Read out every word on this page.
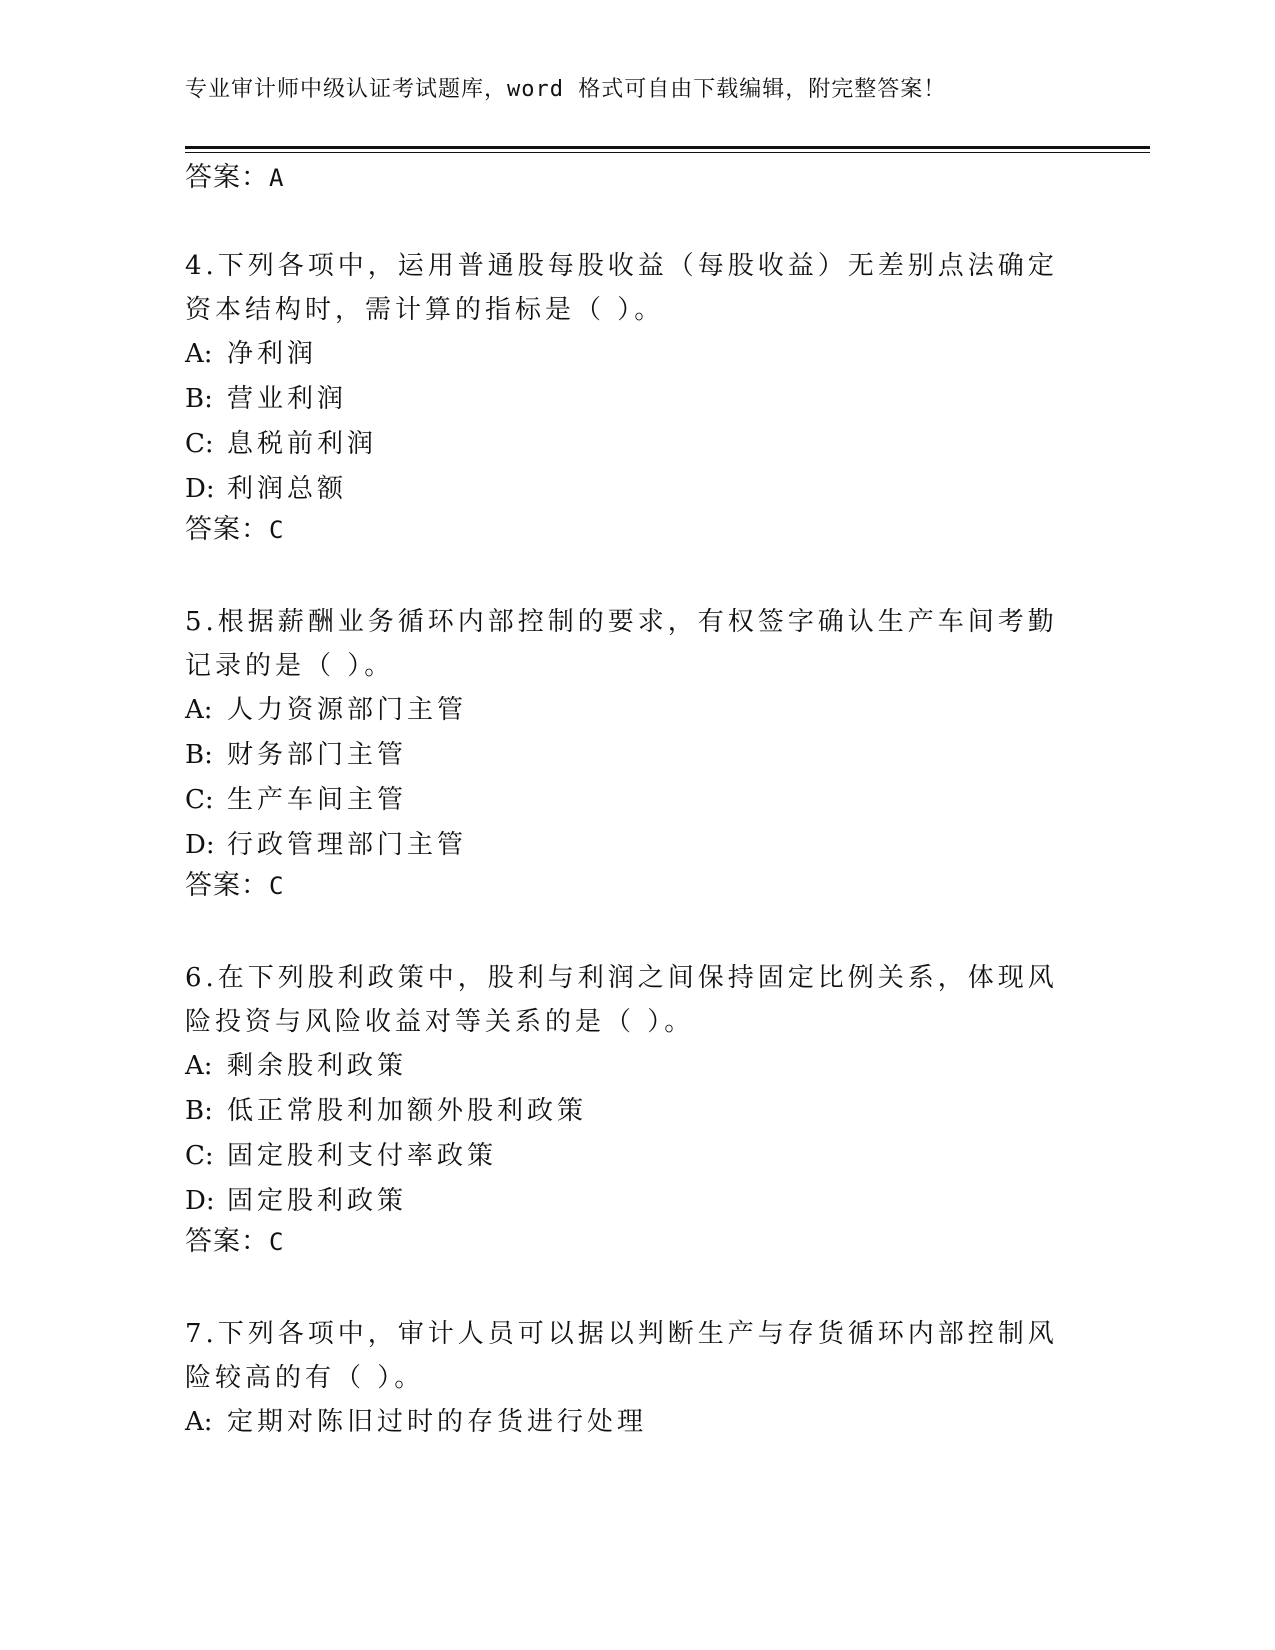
专业审计师中级认证考试题库，word 格式可自由下载编辑，附完整答案！
答案：A

4.下列各项中，运用普通股每股收益（每股收益）无差别点法确定资本结构时，需计算的指标是（ ）。

A: 净利润
B: 营业利润
C: 息税前利润
D: 利润总额
答案：C

5.根据薪酬业务循环内部控制的要求，有权签字确认生产车间考勤记录的是（ ）。

A: 人力资源部门主管
B: 财务部门主管
C: 生产车间主管
D: 行政管理部门主管
答案：C

6.在下列股利政策中，股利与利润之间保持固定比例关系，体现风险投资与风险收益对等关系的是（ ）。

A: 剩余股利政策
B: 低正常股利加额外股利政策
C: 固定股利支付率政策
D: 固定股利政策
答案：C

7.下列各项中，审计人员可以据以判断生产与存货循环内部控制风险较高的有（ ）。

A: 定期对陈旧过时的存货进行处理
